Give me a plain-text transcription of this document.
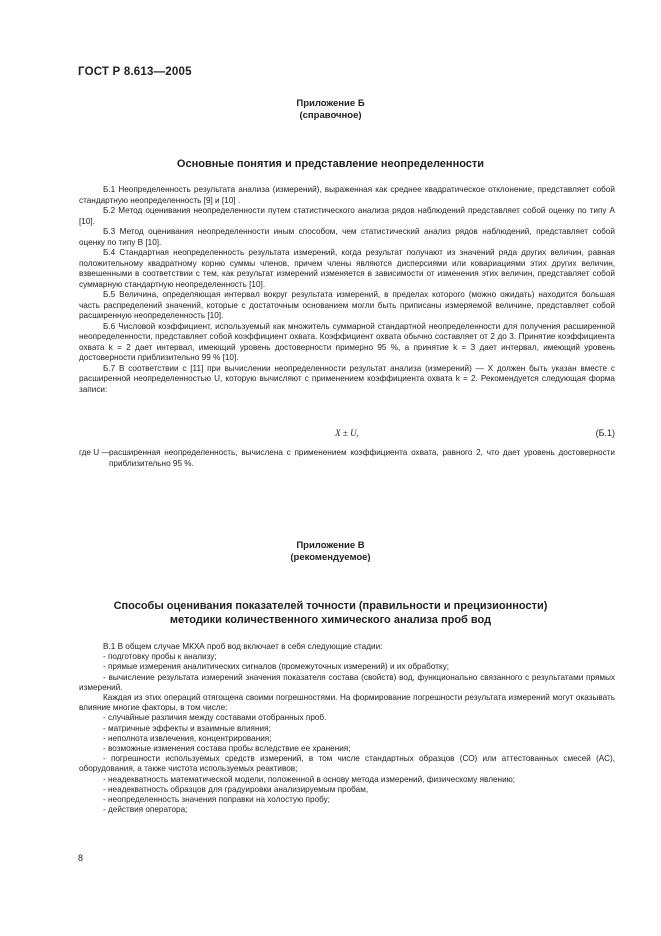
ГОСТ Р 8.613—2005
Приложение Б
(справочное)
Основные понятия и представление неопределенности

Б.1 Неопределенность результата анализа (измерений), выраженная как среднее квадратическое отклонение, представляет собой стандартную неопределенность [9] и [10] .

Б.2 Метод оценивания неопределенности путем статистического анализа рядов наблюдений представляет собой оценку по типу А [10].

Б.3 Метод оценивания неопределенности иным способом, чем статистический анализ рядов наблюдений, представляет собой оценку по типу В [10].

Б.4 Стандартная неопределенность результата измерений, когда результат получают из значений ряда других величин, равная положительному квадратному корню суммы членов, причем члены являются дисперсиями или ковариациями этих других величин, взвешенными в соответствии с тем, как результат измерений изменяется в зависимости от изменения этих величин, представляет собой суммарную стандартную неопределенность [10].

Б.5 Величина, определяющая интервал вокруг результата измерений, в пределах которого (можно ожидать) находится большая часть распределений значений, которые с достаточным основанием могли быть приписаны измеряемой величине, представляет собой расширенную неопределенность [10].

Б.6 Числовой коэффициент, используемый как множитель суммарной стандартной неопределенности для получения расширенной неопределенности, представляет собой коэффициент охвата. Коэффициент охвата обычно составляет от 2 до 3. Принятие коэффициента охвата k = 2 дает интервал, имеющий уровень достоверности примерно 95 %, а принятие k = 3 дает интервал, имеющий уровень достоверности приблизительно 99 % [10].

Б.7 В соответствии с [11] при вычислении неопределенности результат анализа (измерений) — X должен быть указан вместе с расширенной неопределенностью U, которую вычисляют с применением коэффициента охвата k = 2. Рекомендуется следующая форма записи:

X ± U,	(Б.1)
где U — расширенная неопределенность, вычислена с применением коэффициента охвата, равного 2, что дает уровень достоверности приблизительно 95 %.
Приложение В
(рекомендуемое)
Способы оценивания показателей точности (правильности и прецизионности)
методики количественного химического анализа проб вод

В.1 В общем случае МКХА проб вод включает в себя следующие стадии:

- подготовку пробы к анализу;

- прямые измерения аналитических сигналов (промежуточных измерений) и их обработку;

- вычисление результата измерений значения показателя состава (свойств) вод, функционально связанного с результатами прямых измерений.

Каждая из этих операций отягощена своими погрешностями. На формирование погрешности результата измерений могут оказывать влияние многие факторы, в том числе:

- случайные различия между составами отобранных проб.

- матричные эффекты и взаимные влияния;

- неполнота извлечения, концентрирования;

- возможные изменения состава пробы вследствие ее хранения;

- погрешности используемых средств измерений, в том числе стандартных образцов (СО) или аттестованных смесей (АС), оборудования, а также чистота используемых реактивов;

- неадекватность математической модели, положенной в основу метода измерений, физическому явлению;

- неадекватность образцов для градуировки анализируемым пробам,

- неопределенность значения поправки на холостую пробу;

- действия оператора;

8
